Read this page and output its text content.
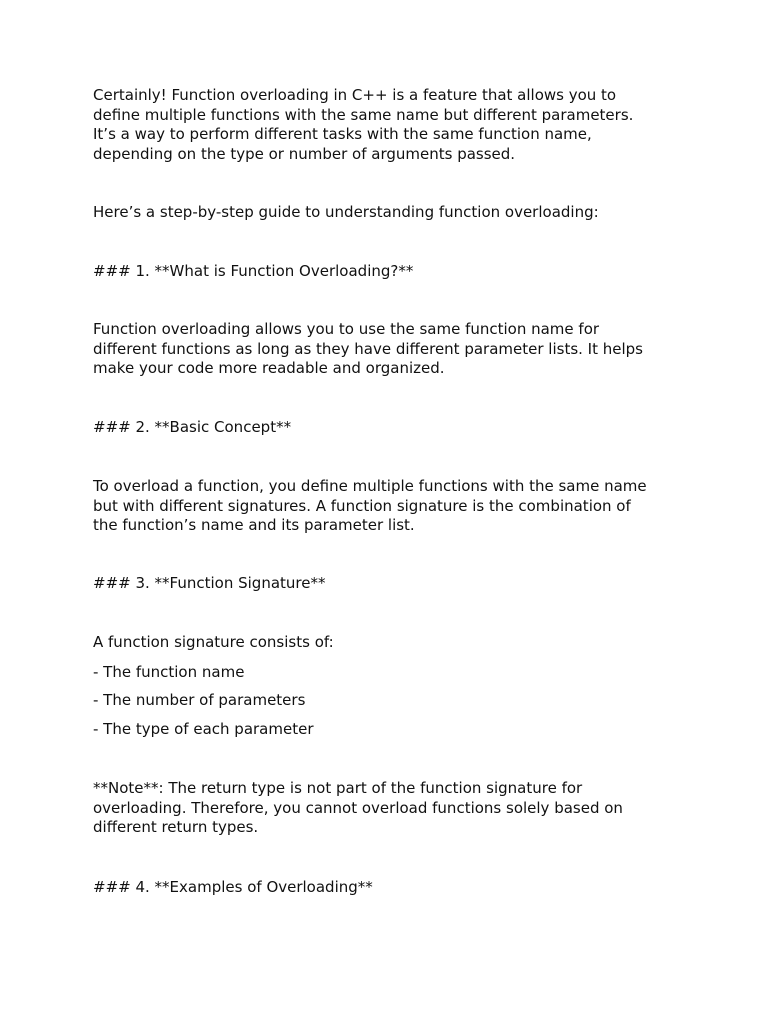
Certainly! Function overloading in C++ is a feature that allows you to
define multiple functions with the same name but different parameters.
It’s a way to perform different tasks with the same function name,
depending on the type or number of arguments passed.

Here’s a step-by-step guide to understanding function overloading:

### 1. **What is Function Overloading?**

Function overloading allows you to use the same function name for
different functions as long as they have different parameter lists. It helps
make your code more readable and organized.

### 2. **Basic Concept**

To overload a function, you define multiple functions with the same name
but with different signatures. A function signature is the combination of
the function’s name and its parameter list.

### 3. **Function Signature**

A function signature consists of:

- The function name

- The number of parameters

- The type of each parameter

**Note**: The return type is not part of the function signature for
overloading. Therefore, you cannot overload functions solely based on
different return types.

### 4. **Examples of Overloading**
